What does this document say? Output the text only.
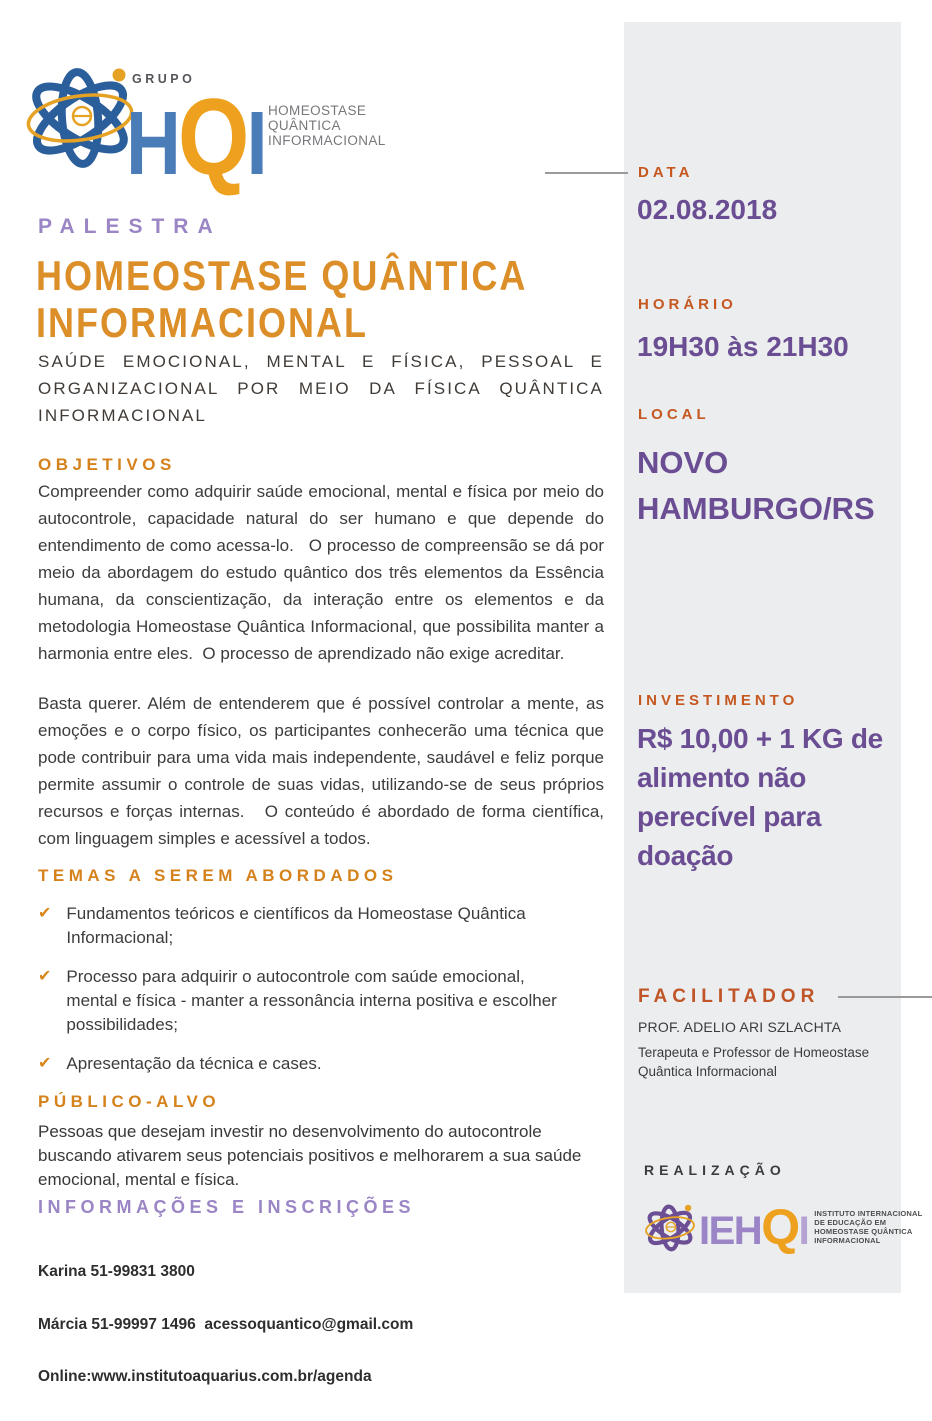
GRUPO
HQI HOMEOSTASE
QUÂNTICA
INFORMACIONAL
PALESTRA
HOMEOSTASE QUÂNTICA
INFORMACIONAL
SAÚDE EMOCIONAL, MENTAL E FÍSICA, PESSOAL E ORGANIZACIONAL POR MEIO DA FÍSICA QUÂNTICA INFORMACIONAL
OBJETIVOS
Compreender como adquirir saúde emocional, mental e física por meio do autocontrole, capacidade natural do ser humano e que depende do entendimento de como acessa-lo.   O processo de compreensão se dá por meio da abordagem do estudo quântico dos três elementos da Essência humana, da conscientização, da interação entre os elementos e da metodologia Homeostase Quântica Informacional, que possibilita manter a harmonia entre eles.  O processo de aprendizado não exige acreditar.
Basta querer. Além de entenderem que é possível controlar a mente, as emoções e o corpo físico, os participantes conhecerão uma técnica que pode contribuir para uma vida mais independente, saudável e feliz porque permite assumir o controle de suas vidas, utilizando-se de seus próprios recursos e forças internas.   O conteúdo é abordado de forma científica, com linguagem simples e acessível a todos.
TEMAS A SEREM ABORDADOS
✔ Fundamentos teóricos e científicos da Homeostase Quântica Informacional;
✔ Processo para adquirir o autocontrole com saúde emocional, mental e física - manter a ressonância interna positiva e escolher possibilidades;
✔ Apresentação da técnica e cases.
PÚBLICO-ALVO
Pessoas que desejam investir no desenvolvimento do autocontrole buscando ativarem seus potenciais positivos e melhorarem a sua saúde emocional, mental e física.
INFORMAÇÕES E INSCRIÇÕES

Karina 51-99831 3800

Márcia 51-99997 1496  acessoquantico@gmail.com

Online:www.institutoaquarius.com.br/agenda

DATA
02.08.2018
HORÁRIO
19H30 às 21H30
LOCAL
NOVO
HAMBURGO/RS
INVESTIMENTO
R$ 10,00 + 1 KG de
alimento não
perecível para
doação
FACILITADOR
PROF. ADELIO ARI SZLACHTA
Terapeuta e Professor de Homeostase Quântica Informacional
REALIZAÇÃO
IEHQI INSTITUTO INTERNACIONAL
DE EDUCAÇÃO EM
HOMEOSTASE QUÂNTICA
INFORMACIONAL
